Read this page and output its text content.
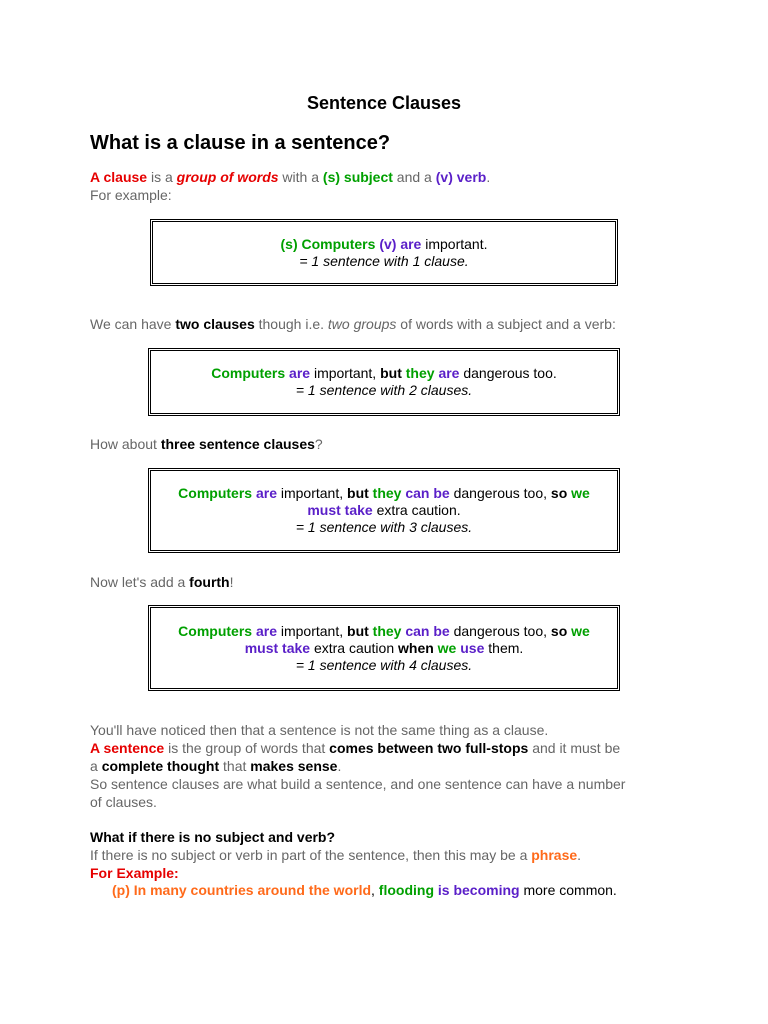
Sentence Clauses
What is a clause in a sentence?
A clause is a group of words with a (s) subject and a (v) verb.
For example:
(s) Computers (v) are important.
= 1 sentence with 1 clause.
We can have two clauses though i.e. two groups of words with a subject and a verb:
Computers are important, but they are dangerous too.
= 1 sentence with 2 clauses.
How about three sentence clauses?
Computers are important, but they can be dangerous too, so we
must take extra caution.
= 1 sentence with 3 clauses.
Now let's add a fourth!
Computers are important, but they can be dangerous too, so we
must take extra caution when we use them.
= 1 sentence with 4 clauses.
You'll have noticed then that a sentence is not the same thing as a clause.
A sentence is the group of words that comes between two full-stops and it must be
a complete thought that makes sense.
So sentence clauses are what build a sentence, and one sentence can have a number
of clauses.
What if there is no subject and verb?
If there is no subject or verb in part of the sentence, then this may be a phrase.
For Example:
(p) In many countries around the world, flooding is becoming more common.
